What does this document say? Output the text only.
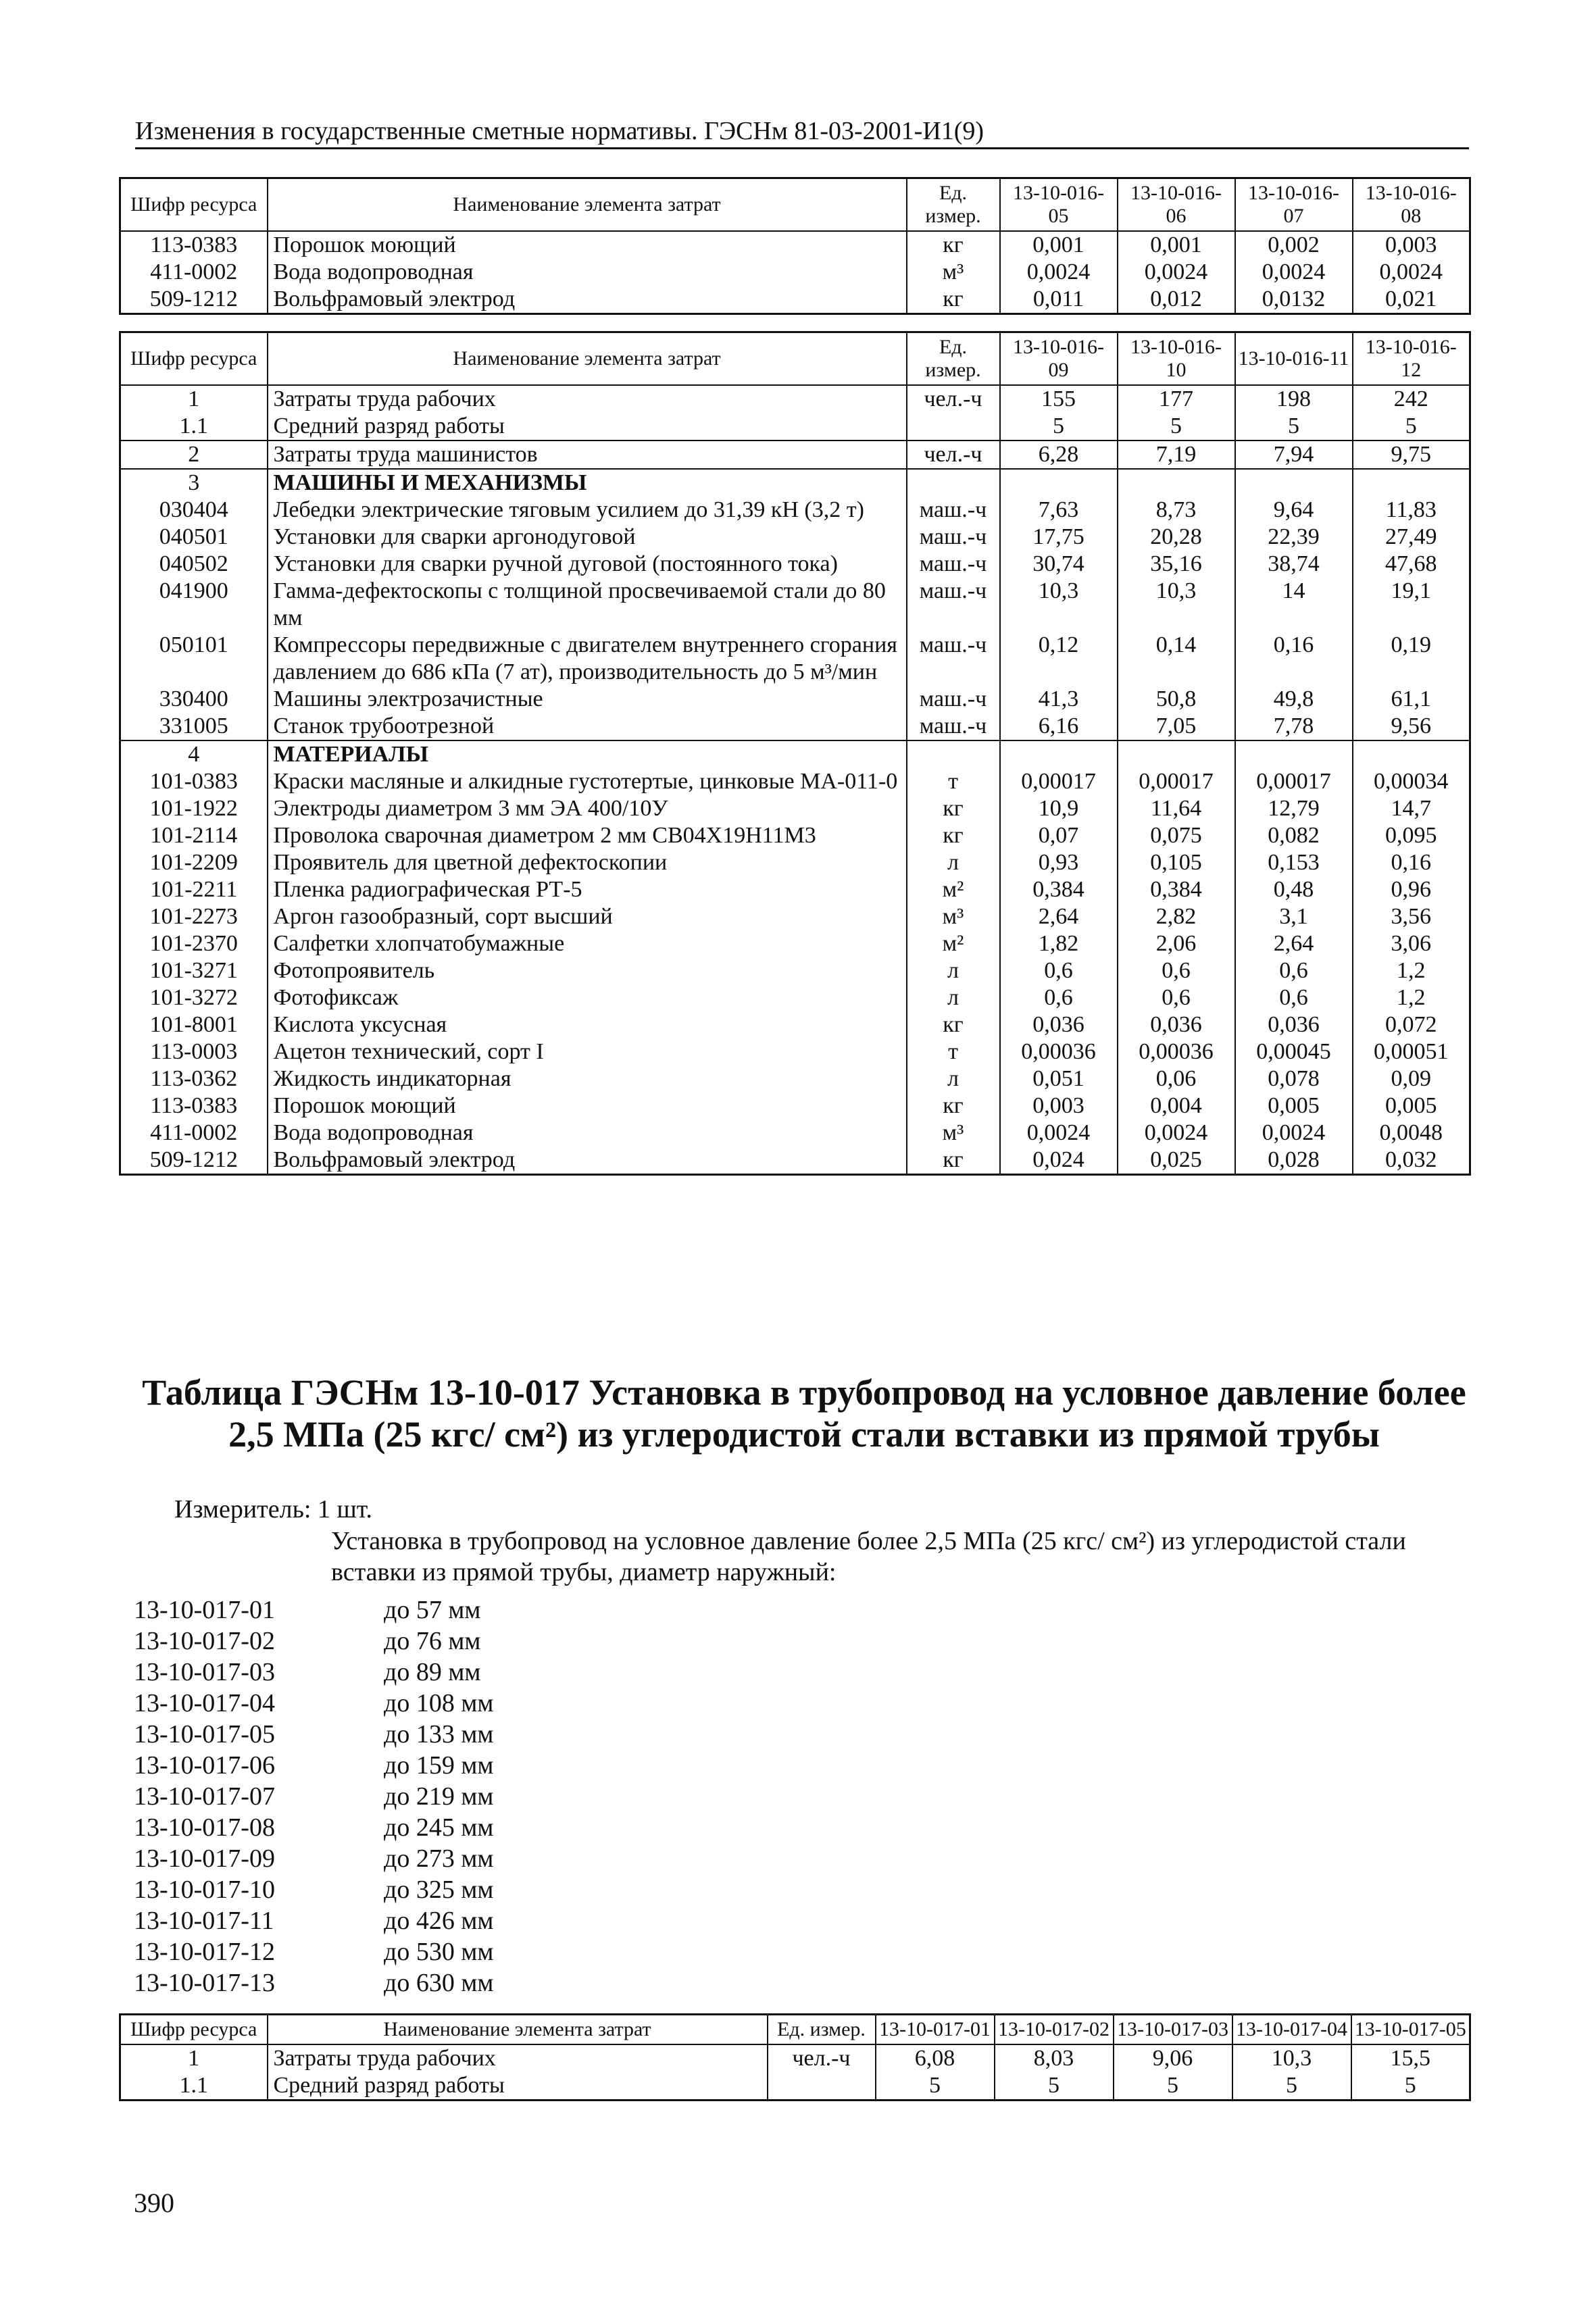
Изменения в государственные сметные нормативы. ГЭСНм 81-03-2001-И1(9)
Шифр ресурса	Наименование элемента затрат	Ед. измер.	13-10-016-05	13-10-016-06	13-10-016-07	13-10-016-08
113-0383	Порошок моющий	кг	0,001	0,001	0,002	0,003
411-0002	Вода водопроводная	м³	0,0024	0,0024	0,0024	0,0024
509-1212	Вольфрамовый электрод	кг	0,011	0,012	0,0132	0,021
Шифр ресурса	Наименование элемента затрат	Ед. измер.	13-10-016-09	13-10-016-10	13-10-016-11	13-10-016-12
1	Затраты труда рабочих	чел.-ч	155	177	198	242
1.1	Средний разряд работы		5	5	5	5
2	Затраты труда машинистов	чел.-ч	6,28	7,19	7,94	9,75
3	МАШИНЫ И МЕХАНИЗМЫ					
030404	Лебедки электрические тяговым усилием до 31,39 кН (3,2 т)	маш.-ч	7,63	8,73	9,64	11,83
040501	Установки для сварки аргонодуговой	маш.-ч	17,75	20,28	22,39	27,49
040502	Установки для сварки ручной дуговой (постоянного тока)	маш.-ч	30,74	35,16	38,74	47,68
041900	Гамма-дефектоскопы с толщиной просвечиваемой стали до 80 мм	маш.-ч	10,3	10,3	14	19,1
050101	Компрессоры передвижные с двигателем внутреннего сгорания давлением до 686 кПа (7 ат), производительность до 5 м³/мин	маш.-ч	0,12	0,14	0,16	0,19
330400	Машины электрозачистные	маш.-ч	41,3	50,8	49,8	61,1
331005	Станок трубоотрезной	маш.-ч	6,16	7,05	7,78	9,56
4	МАТЕРИАЛЫ					
101-0383	Краски масляные и алкидные густотертые, цинковые МА-011-0	т	0,00017	0,00017	0,00017	0,00034
101-1922	Электроды диаметром 3 мм ЭА 400/10У	кг	10,9	11,64	12,79	14,7
101-2114	Проволока сварочная диаметром 2 мм СВ04Х19Н11М3	кг	0,07	0,075	0,082	0,095
101-2209	Проявитель для цветной дефектоскопии	л	0,93	0,105	0,153	0,16
101-2211	Пленка радиографическая РТ-5	м²	0,384	0,384	0,48	0,96
101-2273	Аргон газообразный, сорт высший	м³	2,64	2,82	3,1	3,56
101-2370	Салфетки хлопчатобумажные	м²	1,82	2,06	2,64	3,06
101-3271	Фотопроявитель	л	0,6	0,6	0,6	1,2
101-3272	Фотофиксаж	л	0,6	0,6	0,6	1,2
101-8001	Кислота уксусная	кг	0,036	0,036	0,036	0,072
113-0003	Ацетон технический, сорт I	т	0,00036	0,00036	0,00045	0,00051
113-0362	Жидкость индикаторная	л	0,051	0,06	0,078	0,09
113-0383	Порошок моющий	кг	0,003	0,004	0,005	0,005
411-0002	Вода водопроводная	м³	0,0024	0,0024	0,0024	0,0048
509-1212	Вольфрамовый электрод	кг	0,024	0,025	0,028	0,032
Таблица ГЭСНм 13-10-017 Установка в трубопровод на условное давление более 2,5 МПа (25 кгс/ см²) из углеродистой стали вставки из прямой трубы
Измеритель: 1 шт.
Установка в трубопровод на условное давление более 2,5 МПа (25 кгс/ см²) из углеродистой стали вставки из прямой трубы, диаметр наружный:
13-10-017-01	до 57 мм
13-10-017-02	до 76 мм
13-10-017-03	до 89 мм
13-10-017-04	до 108 мм
13-10-017-05	до 133 мм
13-10-017-06	до 159 мм
13-10-017-07	до 219 мм
13-10-017-08	до 245 мм
13-10-017-09	до 273 мм
13-10-017-10	до 325 мм
13-10-017-11	до 426 мм
13-10-017-12	до 530 мм
13-10-017-13	до 630 мм
Шифр ресурса	Наименование элемента затрат	Ед. измер.	13-10-017-01	13-10-017-02	13-10-017-03	13-10-017-04	13-10-017-05
1	Затраты труда рабочих	чел.-ч	6,08	8,03	9,06	10,3	15,5
1.1	Средний разряд работы		5	5	5	5	5
390
